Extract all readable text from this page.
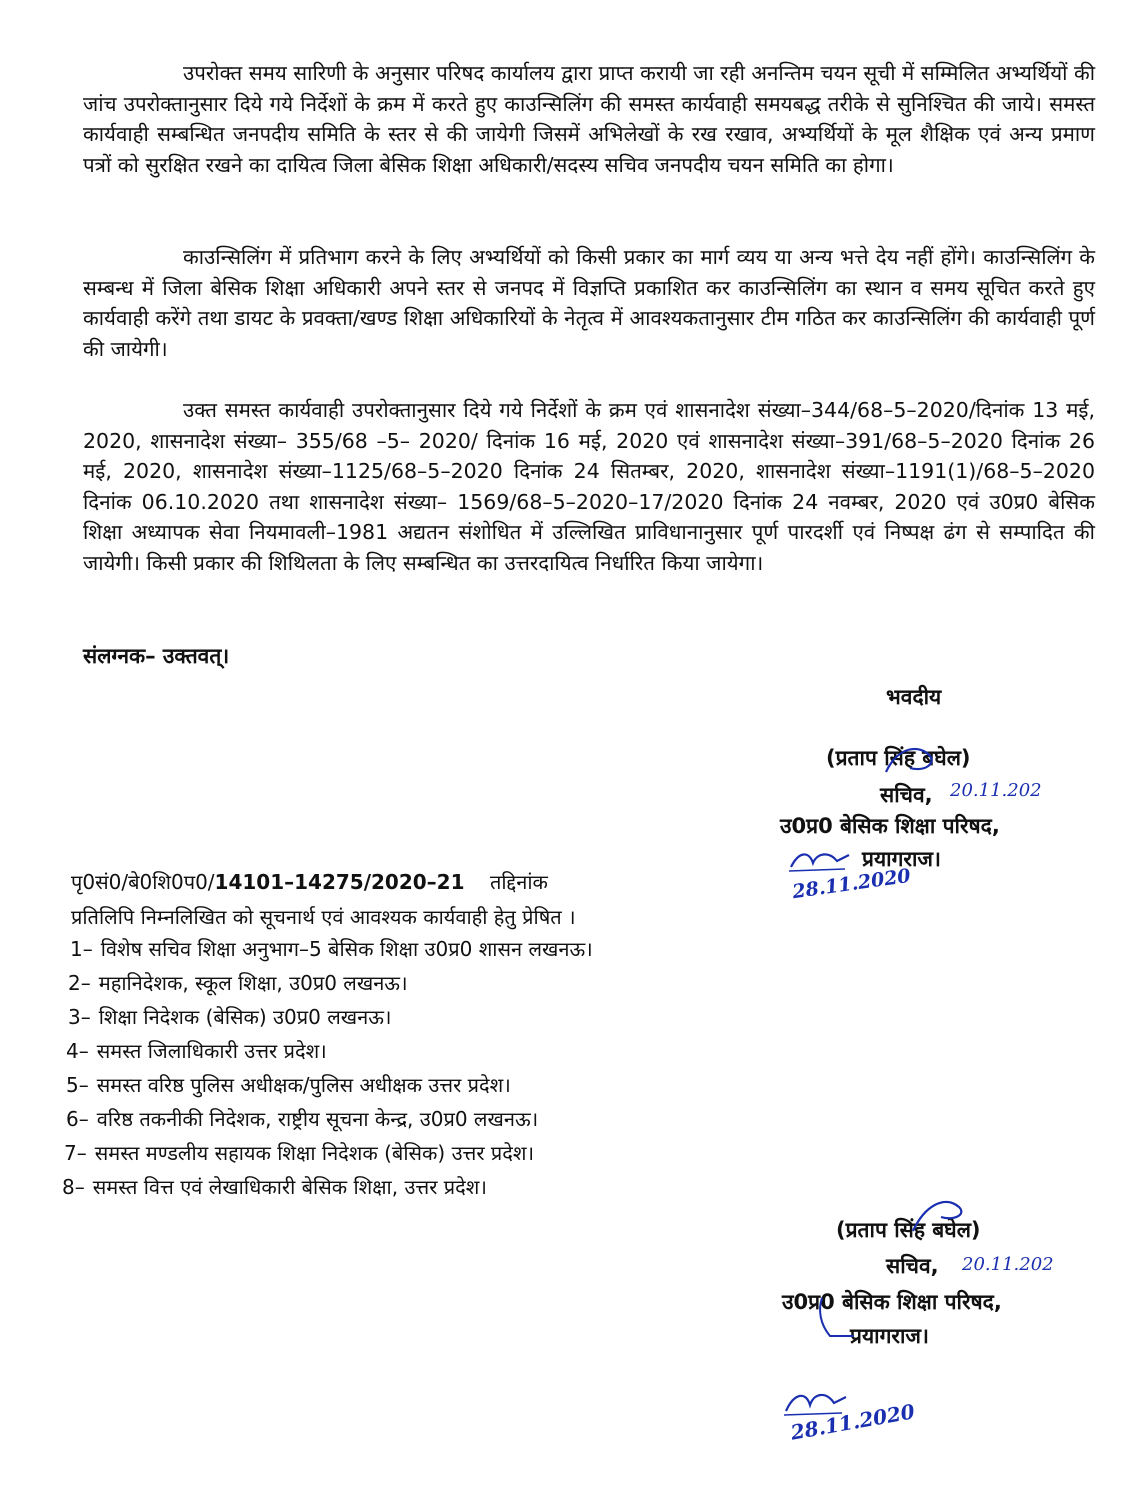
उपरोक्त समय सारिणी के अनुसार परिषद कार्यालय द्वारा प्राप्त करायी जा रही अनन्तिम चयन सूची में सम्मिलित अभ्यर्थियों की जांच उपरोक्तानुसार दिये गये निर्देशों के क्रम में करते हुए काउन्सिलिंग की समस्त कार्यवाही समयबद्ध तरीके से सुनिश्चित की जाये। समस्त कार्यवाही सम्बन्धित जनपदीय समिति के स्तर से की जायेगी जिसमें अभिलेखों के रख रखाव, अभ्यर्थियों के मूल शैक्षिक एवं अन्य प्रमाण पत्रों को सुरक्षित रखने का दायित्व जिला बेसिक शिक्षा अधिकारी/सदस्य सचिव जनपदीय चयन समिति का होगा।

काउन्सिलिंग में प्रतिभाग करने के लिए अभ्यर्थियों को किसी प्रकार का मार्ग व्यय या अन्य भत्ते देय नहीं होंगे। काउन्सिलिंग के सम्बन्ध में जिला बेसिक शिक्षा अधिकारी अपने स्तर से जनपद में विज्ञप्ति प्रकाशित कर काउन्सिलिंग का स्थान व समय सूचित करते हुए कार्यवाही करेंगे तथा डायट के प्रवक्ता/खण्ड शिक्षा अधिकारियों के नेतृत्व में आवश्यकतानुसार टीम गठित कर काउन्सिलिंग की कार्यवाही पूर्ण की जायेगी।

उक्त समस्त कार्यवाही उपरोक्तानुसार दिये गये निर्देशों के क्रम एवं शासनादेश संख्या–344/68–5–2020/दिनांक 13 मई, 2020, शासनादेश संख्या– 355/68 –5– 2020/ दिनांक 16 मई, 2020 एवं शासनादेश संख्या–391/68–5–2020 दिनांक 26 मई, 2020, शासनादेश संख्या–1125/68–5–2020 दिनांक 24 सितम्बर, 2020, शासनादेश संख्या–1191(1)/68–5–2020 दिनांक 06.10.2020 तथा शासनादेश संख्या– 1569/68–5–2020–17/2020 दिनांक 24 नवम्बर, 2020 एवं उ0प्र0 बेसिक शिक्षा अध्यापक सेवा नियमावली–1981 अद्यतन संशोधित में उल्लिखित प्राविधानानुसार पूर्ण पारदर्शी एवं निष्पक्ष ढंग से सम्पादित की जायेगी। किसी प्रकार की शिथिलता के लिए सम्बन्धित का उत्तरदायित्व निर्धारित किया जायेगा।

संलग्नक– उक्तवत्।
भवदीय
(प्रताप सिंह बघेल)
सचिव,
उ0प्र0 बेसिक शिक्षा परिषद,
प्रयागराज।
20.11.202
28.11.2020
पृ0सं0/बे0शि0प0/14101–14275/2020–21 तद्दिनांक
प्रतिलिपि निम्नलिखित को सूचनार्थ एवं आवश्यक कार्यवाही हेतु प्रेषित ।
1– विशेष सचिव शिक्षा अनुभाग–5 बेसिक शिक्षा उ0प्र0 शासन लखनऊ।
2– महानिदेशक, स्कूल शिक्षा, उ0प्र0 लखनऊ।
3– शिक्षा निदेशक (बेसिक) उ0प्र0 लखनऊ।
4– समस्त जिलाधिकारी उत्तर प्रदेश।
5– समस्त वरिष्ठ पुलिस अधीक्षक/पुलिस अधीक्षक उत्तर प्रदेश।
6– वरिष्ठ तकनीकी निदेशक, राष्ट्रीय सूचना केन्द्र, उ0प्र0 लखनऊ।
7– समस्त मण्डलीय सहायक शिक्षा निदेशक (बेसिक) उत्तर प्रदेश।
8– समस्त वित्त एवं लेखाधिकारी बेसिक शिक्षा, उत्तर प्रदेश।
(प्रताप सिंह बघेल)
सचिव,
उ0प्र0 बेसिक शिक्षा परिषद,
प्रयागराज।
20.11.202
28.11.2020
